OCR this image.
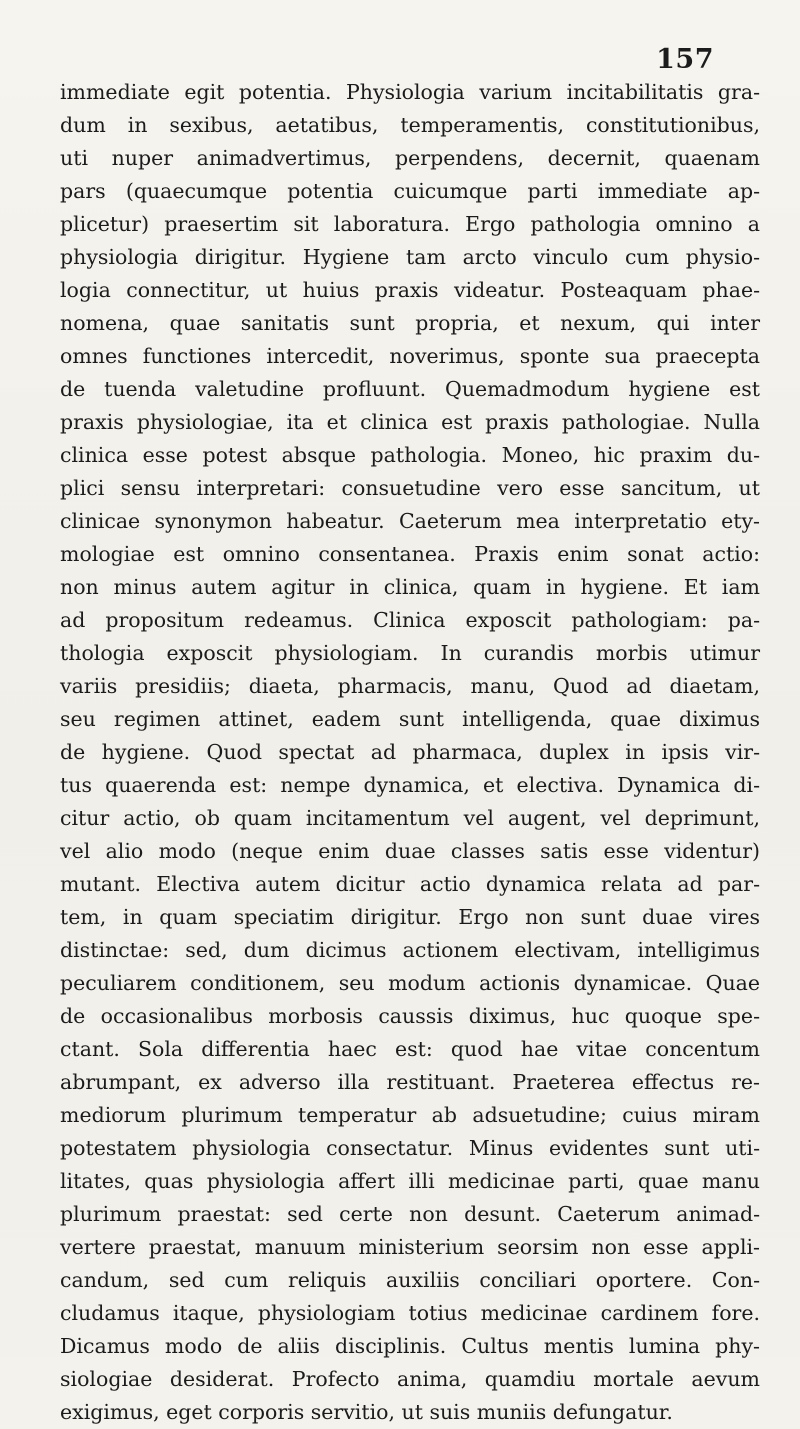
157
immediate egit potentia. Physiologia varium incitabilitatis gra-
dum in sexibus, aetatibus, temperamentis, constitutionibus,
uti nuper animadvertimus, perpendens, decernit, quaenam
pars (quaecumque potentia cuicumque parti immediate ap-
plicetur) praesertim sit laboratura. Ergo pathologia omnino a
physiologia dirigitur. Hygiene tam arcto vinculo cum physio-
logia connectitur, ut huius praxis videatur. Posteaquam phae-
nomena, quae sanitatis sunt propria, et nexum, qui inter
omnes functiones intercedit, noverimus, sponte sua praecepta
de tuenda valetudine profluunt. Quemadmodum hygiene est
praxis physiologiae, ita et clinica est praxis pathologiae. Nulla
clinica esse potest absque pathologia. Moneo, hic praxim du-
plici sensu interpretari: consuetudine vero esse sancitum, ut
clinicae synonymon habeatur. Caeterum mea interpretatio ety-
mologiae est omnino consentanea. Praxis enim sonat actio:
non minus autem agitur in clinica, quam in hygiene. Et iam
ad propositum redeamus. Clinica exposcit pathologiam: pa-
thologia exposcit physiologiam. In curandis morbis utimur
variis presidiis; diaeta, pharmacis, manu, Quod ad diaetam,
seu regimen attinet, eadem sunt intelligenda, quae diximus
de hygiene. Quod spectat ad pharmaca, duplex in ipsis vir-
tus quaerenda est: nempe dynamica, et electiva. Dynamica di-
citur actio, ob quam incitamentum vel augent, vel deprimunt,
vel alio modo (neque enim duae classes satis esse videntur)
mutant. Electiva autem dicitur actio dynamica relata ad par-
tem, in quam speciatim dirigitur. Ergo non sunt duae vires
distinctae: sed, dum dicimus actionem electivam, intelligimus
peculiarem conditionem, seu modum actionis dynamicae. Quae
de occasionalibus morbosis caussis diximus, huc quoque spe-
ctant. Sola differentia haec est: quod hae vitae concentum
abrumpant, ex adverso illa restituant. Praeterea effectus re-
mediorum plurimum temperatur ab adsuetudine; cuius miram
potestatem physiologia consectatur. Minus evidentes sunt uti-
litates, quas physiologia affert illi medicinae parti, quae manu
plurimum praestat: sed certe non desunt. Caeterum animad-
vertere praestat, manuum ministerium seorsim non esse appli-
candum, sed cum reliquis auxiliis conciliari oportere. Con-
cludamus itaque, physiologiam totius medicinae cardinem fore.
Dicamus modo de aliis disciplinis. Cultus mentis lumina phy-
siologiae desiderat. Profecto anima, quamdiu mortale aevum
exigimus, eget corporis servitio, ut suis muniis defungatur.
